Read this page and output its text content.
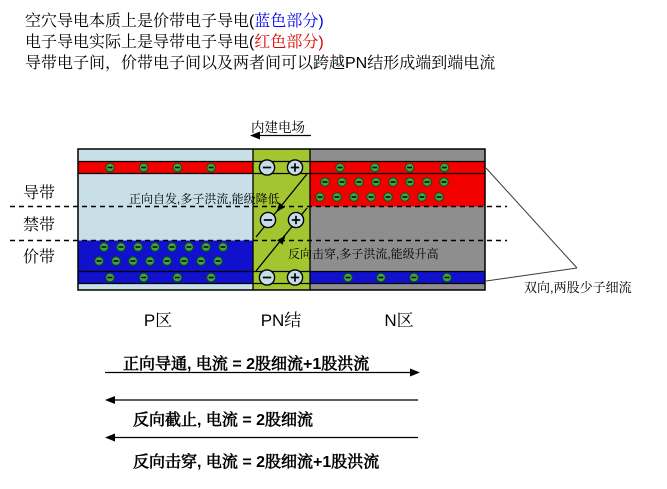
空穴导电本质上是价带电子导电(蓝色部分)
电子导电实际上是导带电子导电(红色部分)
导带电子间，价带电子间以及两者间可以跨越PN结形成端到端电流
内建电场
导带
禁带
价带
正向自发,多子洪流,能级降低
反向击穿,多子洪流,能级升高
双向,两股少子细流
P区	PN结	N区
正向导通, 电流 = 2股细流+1股洪流
反向截止, 电流 = 2股细流
反向击穿, 电流 = 2股细流+1股洪流
